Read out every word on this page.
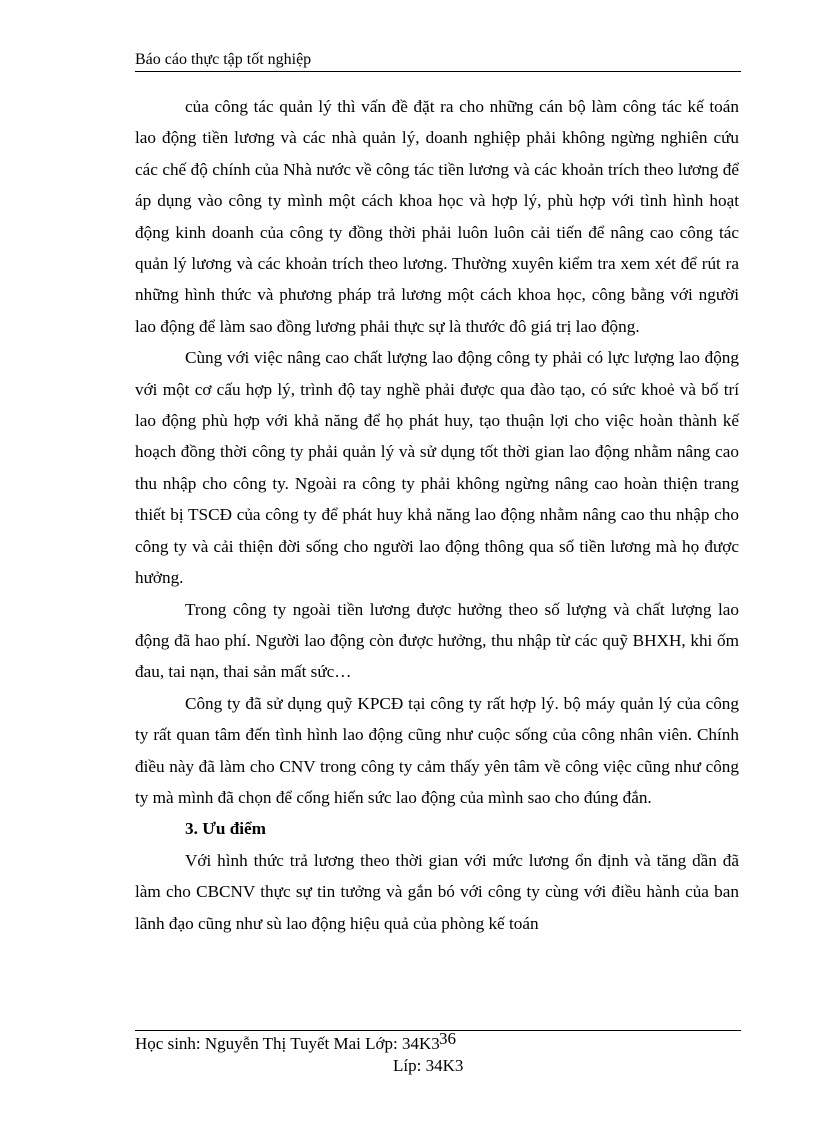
Báo cáo thực tập tốt nghiệp

của công tác quản lý thì vấn đề đặt ra cho những cán bộ làm công tác kế toán lao động tiền lương và các nhà quản lý, doanh nghiệp phải không ngừng nghiên cứu các chế độ chính của Nhà nước về công tác tiền lương và các khoản trích theo lương để áp dụng vào công ty mình một cách khoa học và hợp lý, phù hợp với tình hình hoạt động kinh doanh của công ty đồng thời phải luôn luôn cải tiến để nâng cao công tác quản lý lương và các khoản trích theo lương. Thường xuyên kiểm tra xem xét để rút ra những hình thức và phương pháp trả lương một cách khoa học, công bằng với người lao động để làm sao đồng lương phải thực sự là thước đô giá trị lao động.

Cùng với việc nâng cao chất lượng lao động công ty phải có lực lượng lao động với một cơ cấu hợp lý, trình độ tay nghề phải được qua đào tạo, có sức khoẻ và bố trí lao động phù hợp với khả năng để họ phát huy, tạo thuận lợi cho việc hoàn thành kế hoạch đồng thời công ty phải quản lý và sử dụng tốt thời gian lao động nhằm nâng cao thu nhập cho công ty. Ngoài ra công ty phải không ngừng nâng cao hoàn thiện trang thiết bị TSCĐ của công ty để phát huy khả năng lao động nhằm nâng cao thu nhập cho công ty và cải thiện đời sống cho người lao động thông qua số tiền lương mà họ được hưởng.

Trong công ty ngoài tiền lương được hưởng theo số lượng và chất lượng lao động đã hao phí. Người lao động còn được hưởng, thu nhập từ các quỹ BHXH, khi ốm đau, tai nạn, thai sản mất sức…

Công ty đã sử dụng quỹ KPCĐ tại công ty rất hợp lý. bộ máy quản lý của công ty rất quan tâm đến tình hình lao động cũng như cuộc sống của công nhân viên. Chính điều này đã làm cho CNV trong công ty cảm thấy yên tâm về công việc cũng như công ty mà mình đã chọn để cống hiến sức lao động của mình sao cho đúng đắn.

3. Ưu điểm

Với hình thức trả lương theo thời gian với mức lương ổn định và tăng dần đã làm cho CBCNV thực sự tin tưởng và gắn bó với công ty cùng với điều hành của ban lãnh đạo cũng như sù lao động hiệu quả của phòng kế toán

Học sinh: Nguyễn Thị Tuyết Mai Lớp: 34K3 36
Líp: 34K3
